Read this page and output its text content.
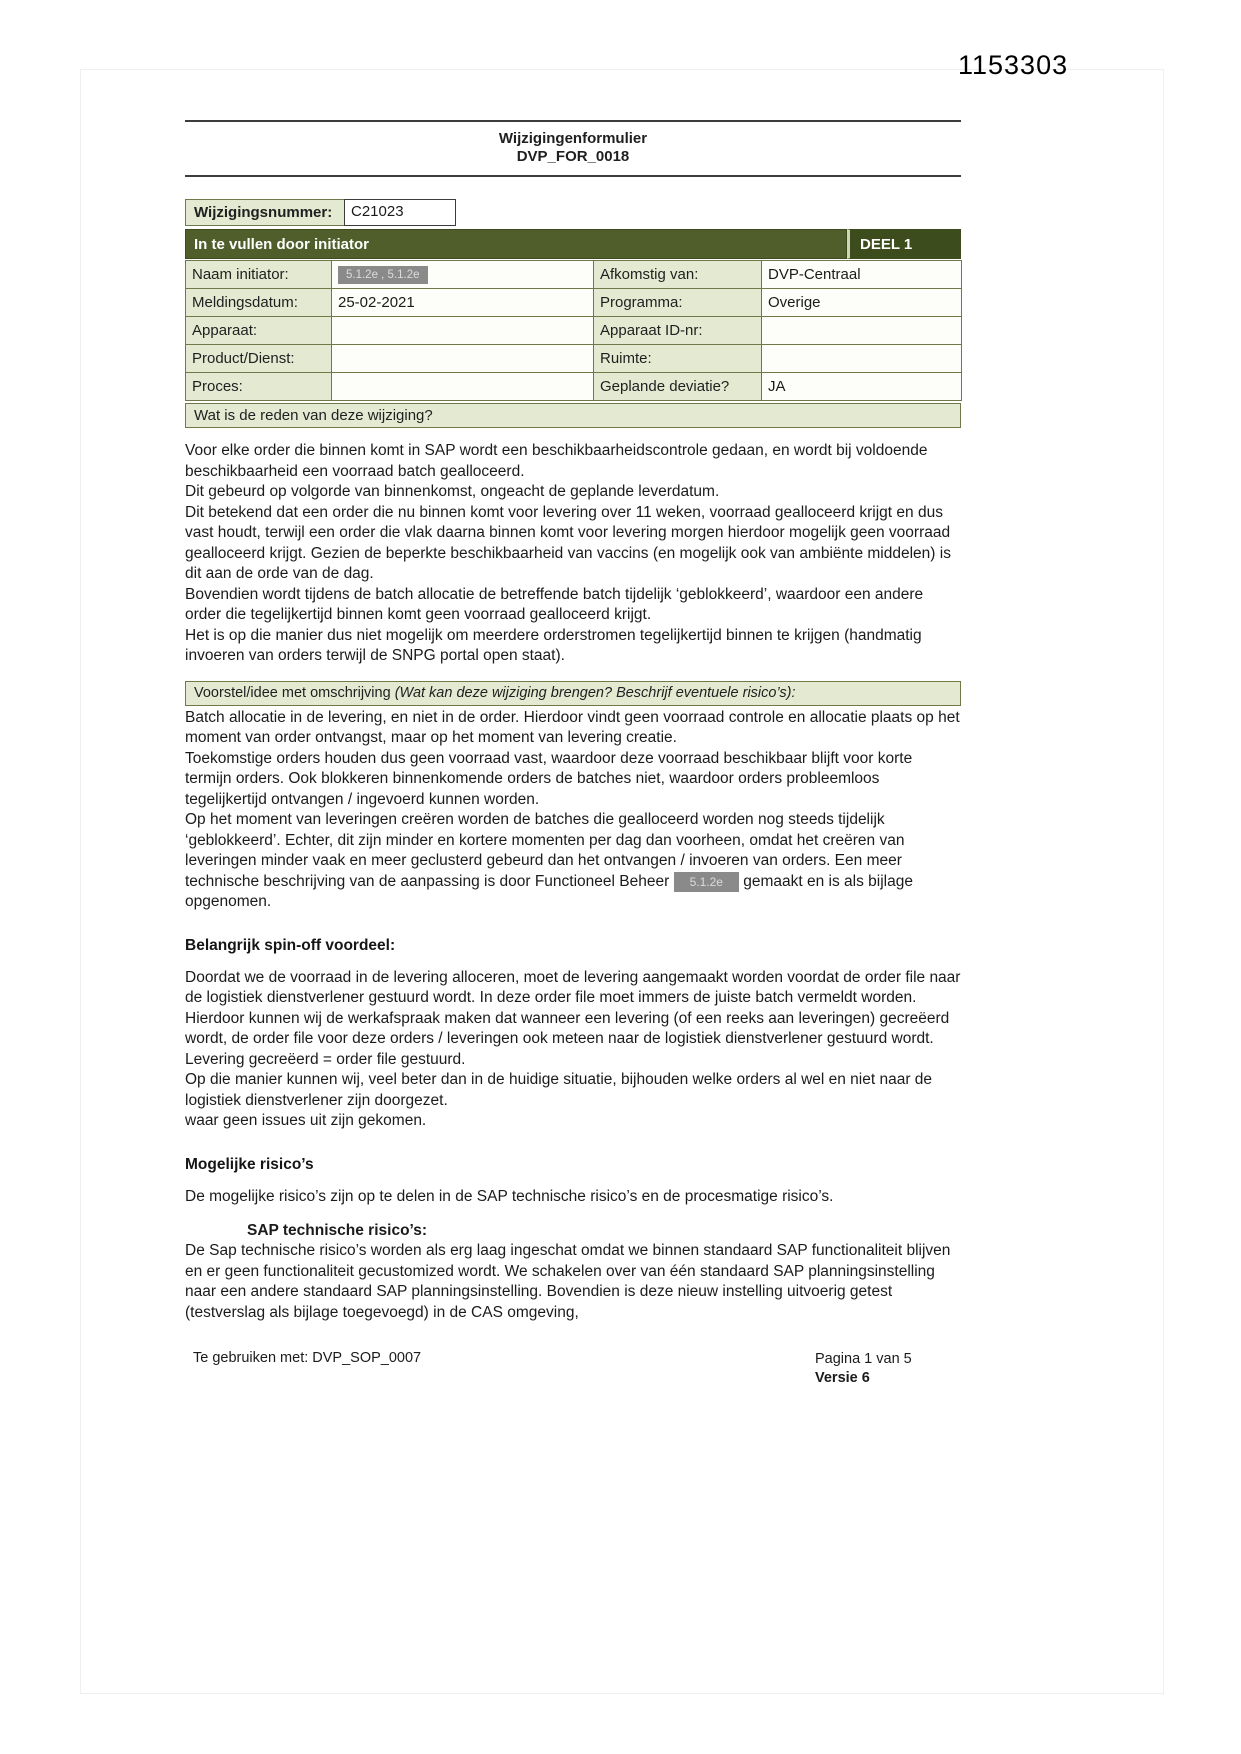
1153303
Wijzigingenformulier
DVP_FOR_0018
Wijzigingsnummer:	C21023
In te vullen door initiator	DEEL 1
Naam initiator:	5.1.2e , 5.1.2e	Afkomstig van:	DVP-Centraal
Meldingsdatum:	25-02-2021	Programma:	Overige
Apparaat:		Apparaat ID-nr:	
Product/Dienst:		Ruimte:	
Proces:		Geplande deviatie?	JA
Wat is de reden van deze wijziging?

Voor elke order die binnen komt in SAP wordt een beschikbaarheidscontrole gedaan, en wordt bij voldoende beschikbaarheid een voorraad batch gealloceerd.

Dit gebeurd op volgorde van binnenkomst, ongeacht de geplande leverdatum.

Dit betekend dat een order die nu binnen komt voor levering over 11 weken, voorraad gealloceerd krijgt en dus vast houdt, terwijl een order die vlak daarna binnen komt voor levering morgen hierdoor mogelijk geen voorraad gealloceerd krijgt. Gezien de beperkte beschikbaarheid van vaccins (en mogelijk ook van ambiënte middelen) is dit aan de orde van de dag.

Bovendien wordt tijdens de batch allocatie de betreffende batch tijdelijk ‘geblokkeerd’, waardoor een andere order die tegelijkertijd binnen komt geen voorraad gealloceerd krijgt.

Het is op die manier dus niet mogelijk om meerdere orderstromen tegelijkertijd binnen te krijgen (handmatig invoeren van orders terwijl de SNPG portal open staat).

Voorstel/idee met omschrijving (Wat kan deze wijziging brengen? Beschrijf eventuele risico’s):

Batch allocatie in de levering, en niet in de order. Hierdoor vindt geen voorraad controle en allocatie plaats op het moment van order ontvangst, maar op het moment van levering creatie.

Toekomstige orders houden dus geen voorraad vast, waardoor deze voorraad beschikbaar blijft voor korte termijn orders. Ook blokkeren binnenkomende orders de batches niet, waardoor orders probleemloos tegelijkertijd ontvangen / ingevoerd kunnen worden.

Op het moment van leveringen creëren worden de batches die gealloceerd worden nog steeds tijdelijk ‘geblokkeerd’. Echter, dit zijn minder en kortere momenten per dag dan voorheen, omdat het creëren van leveringen minder vaak en meer geclusterd gebeurd dan het ontvangen / invoeren van orders. Een meer technische beschrijving van de aanpassing is door Functioneel Beheer 5.1.2e gemaakt en is als bijlage opgenomen.

Belangrijk spin-off voordeel:

Doordat we de voorraad in de levering alloceren, moet de levering aangemaakt worden voordat de order file naar de logistiek dienstverlener gestuurd wordt. In deze order file moet immers de juiste batch vermeldt worden. Hierdoor kunnen wij de werkafspraak maken dat wanneer een levering (of een reeks aan leveringen) gecreëerd wordt, de order file voor deze orders / leveringen ook meteen naar de logistiek dienstverlener gestuurd wordt. Levering gecreëerd = order file gestuurd.

Op die manier kunnen wij, veel beter dan in de huidige situatie, bijhouden welke orders al wel en niet naar de logistiek dienstverlener zijn doorgezet.

waar geen issues uit zijn gekomen.

Mogelijke risico’s

De mogelijke risico’s zijn op te delen in de SAP technische risico’s en de procesmatige risico’s.

SAP technische risico’s:

De Sap technische risico’s worden als erg laag ingeschat omdat we binnen standaard SAP functionaliteit blijven en er geen functionaliteit gecustomized wordt. We schakelen over van één standaard SAP planningsinstelling naar een andere standaard SAP planningsinstelling. Bovendien is deze nieuw instelling uitvoerig getest (testverslag als bijlage toegevoegd) in de CAS omgeving,

Te gebruiken met: DVP_SOP_0007	Pagina 1 van 5
Versie 6
